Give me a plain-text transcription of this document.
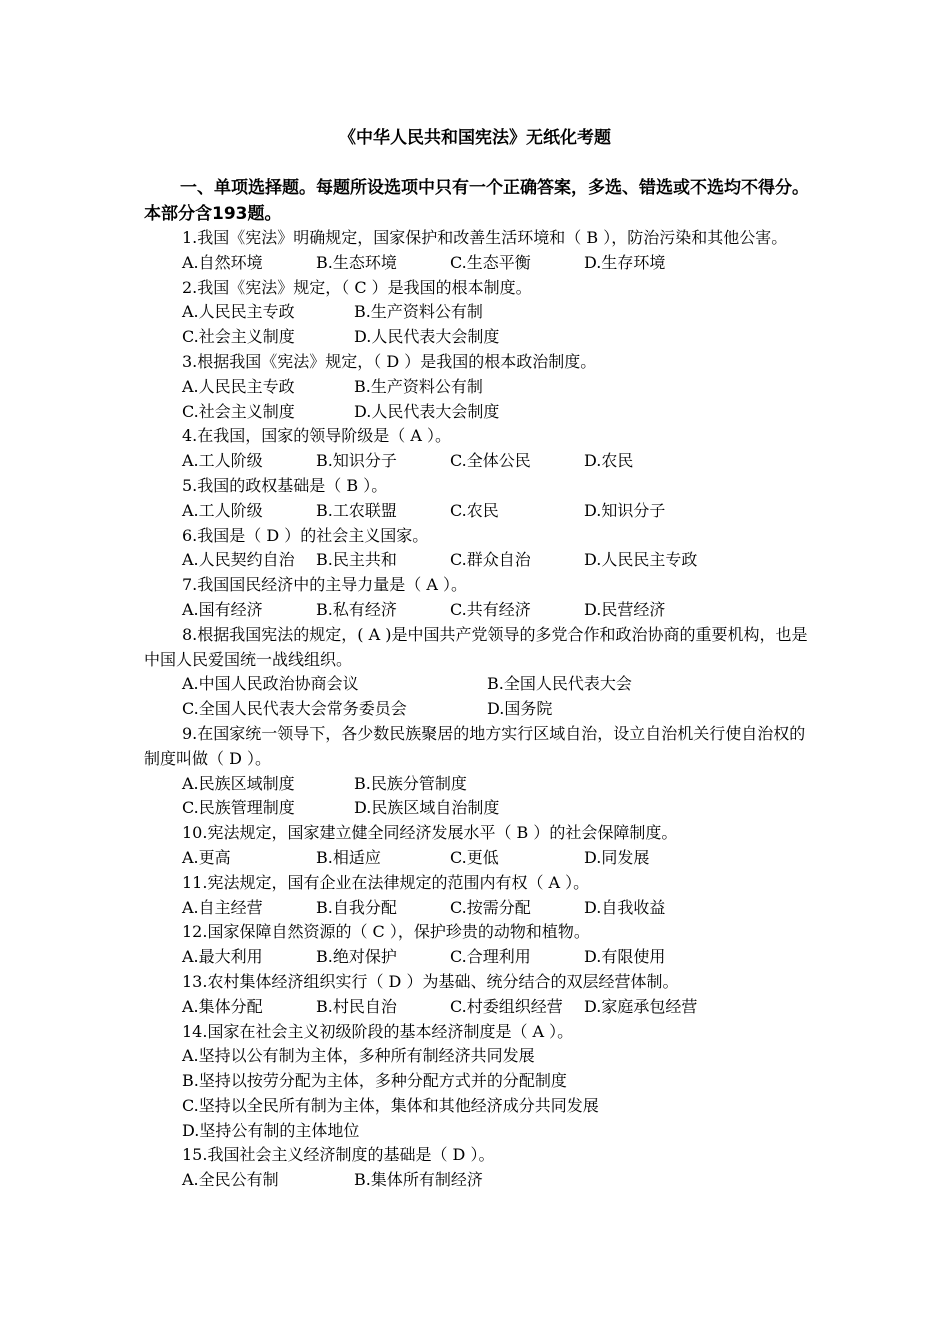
《中华人民共和国宪法》无纸化考题

一、单项选择题。每题所设选项中只有一个正确答案，多选、错选或不选均不得分。本部分含193题。

1.我国《宪法》明确规定，国家保护和改善生活环境和（ B ），防治污染和其他公害。

A.自然环境	B.生态环境	C.生态平衡	D.生存环境

2.我国《宪法》规定，（ C ）是我国的根本制度。

A.人民民主专政	B.生产资料公有制
C.社会主义制度	D.人民代表大会制度

3.根据我国《宪法》规定，（ D ）是我国的根本政治制度。

A.人民民主专政	B.生产资料公有制
C.社会主义制度	D.人民代表大会制度

4.在我国，国家的领导阶级是（ A ）。

A.工人阶级	B.知识分子	C.全体公民	D.农民

5.我国的政权基础是（ B ）。

A.工人阶级	B.工农联盟	C.农民	D.知识分子

6.我国是（ D ）的社会主义国家。

A.人民契约自治 B.民主共和	C.群众自治	D.人民民主专政

7.我国国民经济中的主导力量是（ A ）。

A.国有经济	B.私有经济	C.共有经济	D.民营经济

8.根据我国宪法的规定，( A )是中国共产党领导的多党合作和政治协商的重要机构，也是中国人民爱国统一战线组织。

A.中国人民政治协商会议	B.全国人民代表大会
C.全国人民代表大会常务委员会	D.国务院

9.在国家统一领导下，各少数民族聚居的地方实行区域自治，设立自治机关行使自治权的制度叫做（ D ）。

A.民族区域制度	B.民族分管制度
C.民族管理制度	D.民族区域自治制度

10.宪法规定，国家建立健全同经济发展水平（ B ）的社会保障制度。

A.更高	B.相适应	C.更低	D.同发展

11.宪法规定，国有企业在法律规定的范围内有权（ A ）。

A.自主经营	B.自我分配	C.按需分配	D.自我收益

12.国家保障自然资源的（ C ），保护珍贵的动物和植物。

A.最大利用	B.绝对保护	C.合理利用	D.有限使用

13.农村集体经济组织实行（ D ）为基础、统分结合的双层经营体制。

A.集体分配	B.村民自治	C.村委组织经营 D.家庭承包经营

14.国家在社会主义初级阶段的基本经济制度是（ A ）。

A.坚持以公有制为主体，多种所有制经济共同发展
B.坚持以按劳分配为主体，多种分配方式并的分配制度
C.坚持以全民所有制为主体，集体和其他经济成分共同发展
D.坚持公有制的主体地位

15.我国社会主义经济制度的基础是（ D ）。

A.全民公有制	B.集体所有制经济
